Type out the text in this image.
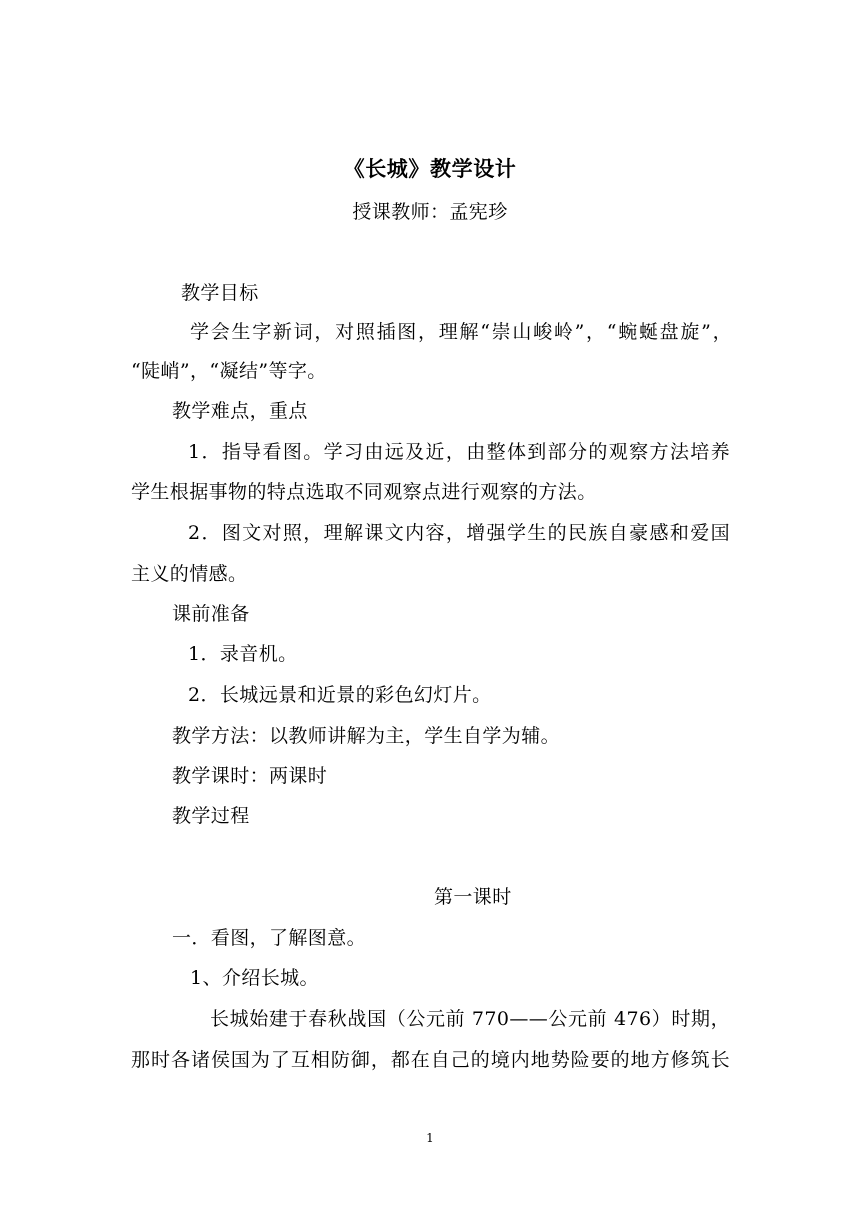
《长城》教学设计
授课教师：孟宪珍
教学目标
学会生字新词，对照插图，理解“崇山峻岭”，“蜿蜒盘旋”，
“陡峭”，“凝结”等字。
教学难点，重点
1．指导看图。学习由远及近，由整体到部分的观察方法培养
学生根据事物的特点选取不同观察点进行观察的方法。
2．图文对照，理解课文内容，增强学生的民族自豪感和爱国
主义的情感。
课前准备
1．录音机。
2．长城远景和近景的彩色幻灯片。
教学方法：以教师讲解为主，学生自学为辅。
教学课时：两课时
教学过程
第一课时
一．看图，了解图意。
1、介绍长城。
长城始建于春秋战国（公元前 770——公元前 476）时期，
那时各诸侯国为了互相防御，都在自己的境内地势险要的地方修筑长
1
